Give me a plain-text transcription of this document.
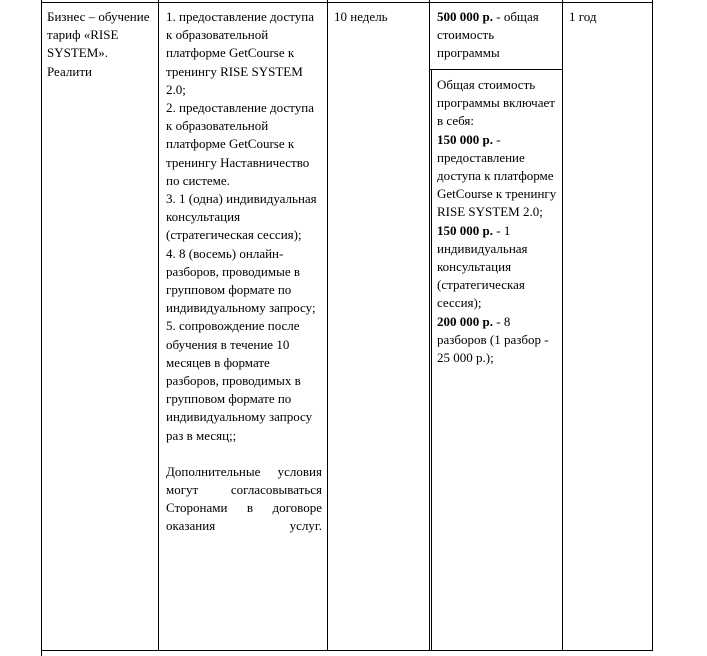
Бизнес – обучение тариф «RISE SYSTEM». Реалити
1. предоставление доступа к образовательной платформе GetCourse к тренингу RISE SYSTEM 2.0;
2. предоставление доступа к образовательной платформе GetCourse к тренингу Наставничество по системе.
3. 1 (одна) индивидуальная консультация (стратегическая сессия);
4. 8 (восемь) онлайн-разборов, проводимые в групповом формате по индивидуальному запросу;
5. сопровождение после обучения в течение 10 месяцев в формате разборов, проводимых в групповом формате по индивидуальному запросу раз в месяц;;
Дополнительные условия могут согласовываться Сторонами в договоре оказания услуг.
10 недель	500 000 р. - общая стоимость программы
Общая стоимость программы включает в себя:
150 000 р. - предоставление доступа к платформе GetCourse к тренингу RISE SYSTEM 2.0;
150 000 р. - 1 индивидуальная консультация (стратегическая сессия);
200 000 р. - 8 разборов (1 разбор - 25 000 р.);
1 год
